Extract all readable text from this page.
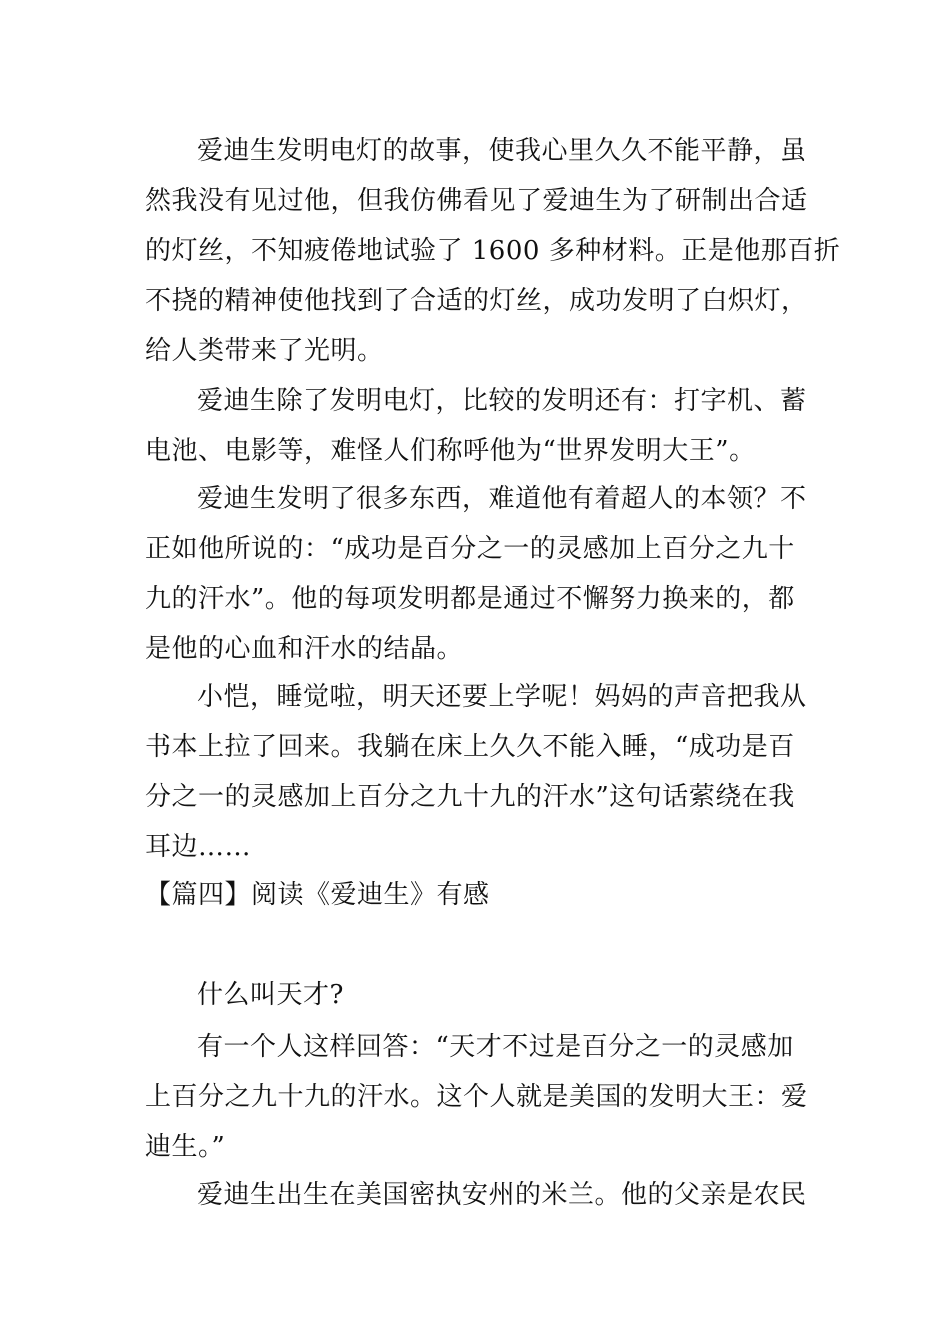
爱迪生发明电灯的故事，使我心里久久不能平静，虽
然我没有见过他，但我仿佛看见了爱迪生为了研制出合适
的灯丝，不知疲倦地试验了 1600 多种材料。正是他那百折
不挠的精神使他找到了合适的灯丝，成功发明了白炽灯，
给人类带来了光明。
爱迪生除了发明电灯，比较的发明还有：打字机、蓄
电池、电影等，难怪人们称呼他为“世界发明大王”。
爱迪生发明了很多东西，难道他有着超人的本领？不
正如他所说的：“成功是百分之一的灵感加上百分之九十
九的汗水”。他的每项发明都是通过不懈努力换来的，都
是他的心血和汗水的结晶。
小恺，睡觉啦，明天还要上学呢！妈妈的声音把我从
书本上拉了回来。我躺在床上久久不能入睡，“成功是百
分之一的灵感加上百分之九十九的汗水”这句话萦绕在我
耳边……
【篇四】阅读《爱迪生》有感
什么叫天才?
有一个人这样回答：“天才不过是百分之一的灵感加
上百分之九十九的汗水。这个人就是美国的发明大王：爱
迪生。”
爱迪生出生在美国密执安州的米兰。他的父亲是农民
